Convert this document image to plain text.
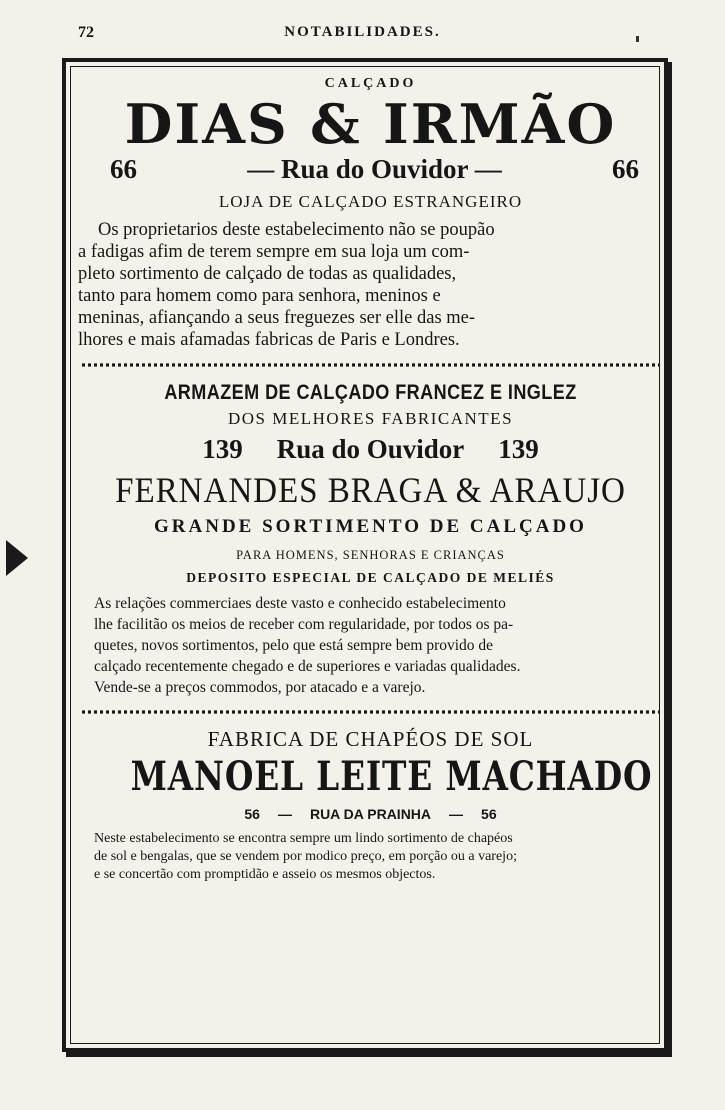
72	NOTABILIDADES.
CALÇADO
DIAS & IRMÃO
66	— Rua do Ouvidor —	66
LOJA DE CALÇADO ESTRANGEIRO

Os proprietarios deste estabelecimento não se poupão

a fadigas afim de terem sempre em sua loja um com-

pleto sortimento de calçado de todas as qualidades,

tanto para homem como para senhora, meninos e

meninas, afiançando a seus freguezes ser elle das me-

lhores e mais afamadas fabricas de Paris e Londres.

ARMAZEM DE CALÇADO FRANCEZ E INGLEZ
DOS MELHORES FABRICANTES
139 Rua do Ouvidor 139
FERNANDES BRAGA & ARAUJO
GRANDE SORTIMENTO DE CALÇADO
PARA HOMENS, SENHORAS E CRIANÇAS
DEPOSITO ESPECIAL DE CALÇADO DE MELIÉS

As relações commerciaes deste vasto e conhecido estabelecimento

lhe facilitão os meios de receber com regularidade, por todos os pa-

quetes, novos sortimentos, pelo que está sempre bem provido de

calçado recentemente chegado e de superiores e variadas qualidades.

Vende-se a preços commodos, por atacado e a varejo.

FABRICA DE CHAPÉOS DE SOL
MANOEL LEITE MACHADO
56 — RUA DA PRAINHA — 56

Neste estabelecimento se encontra sempre um lindo sortimento de chapéos

de sol e bengalas, que se vendem por modico preço, em porção ou a varejo;

e se concertão com promptidão e asseio os mesmos objectos.
